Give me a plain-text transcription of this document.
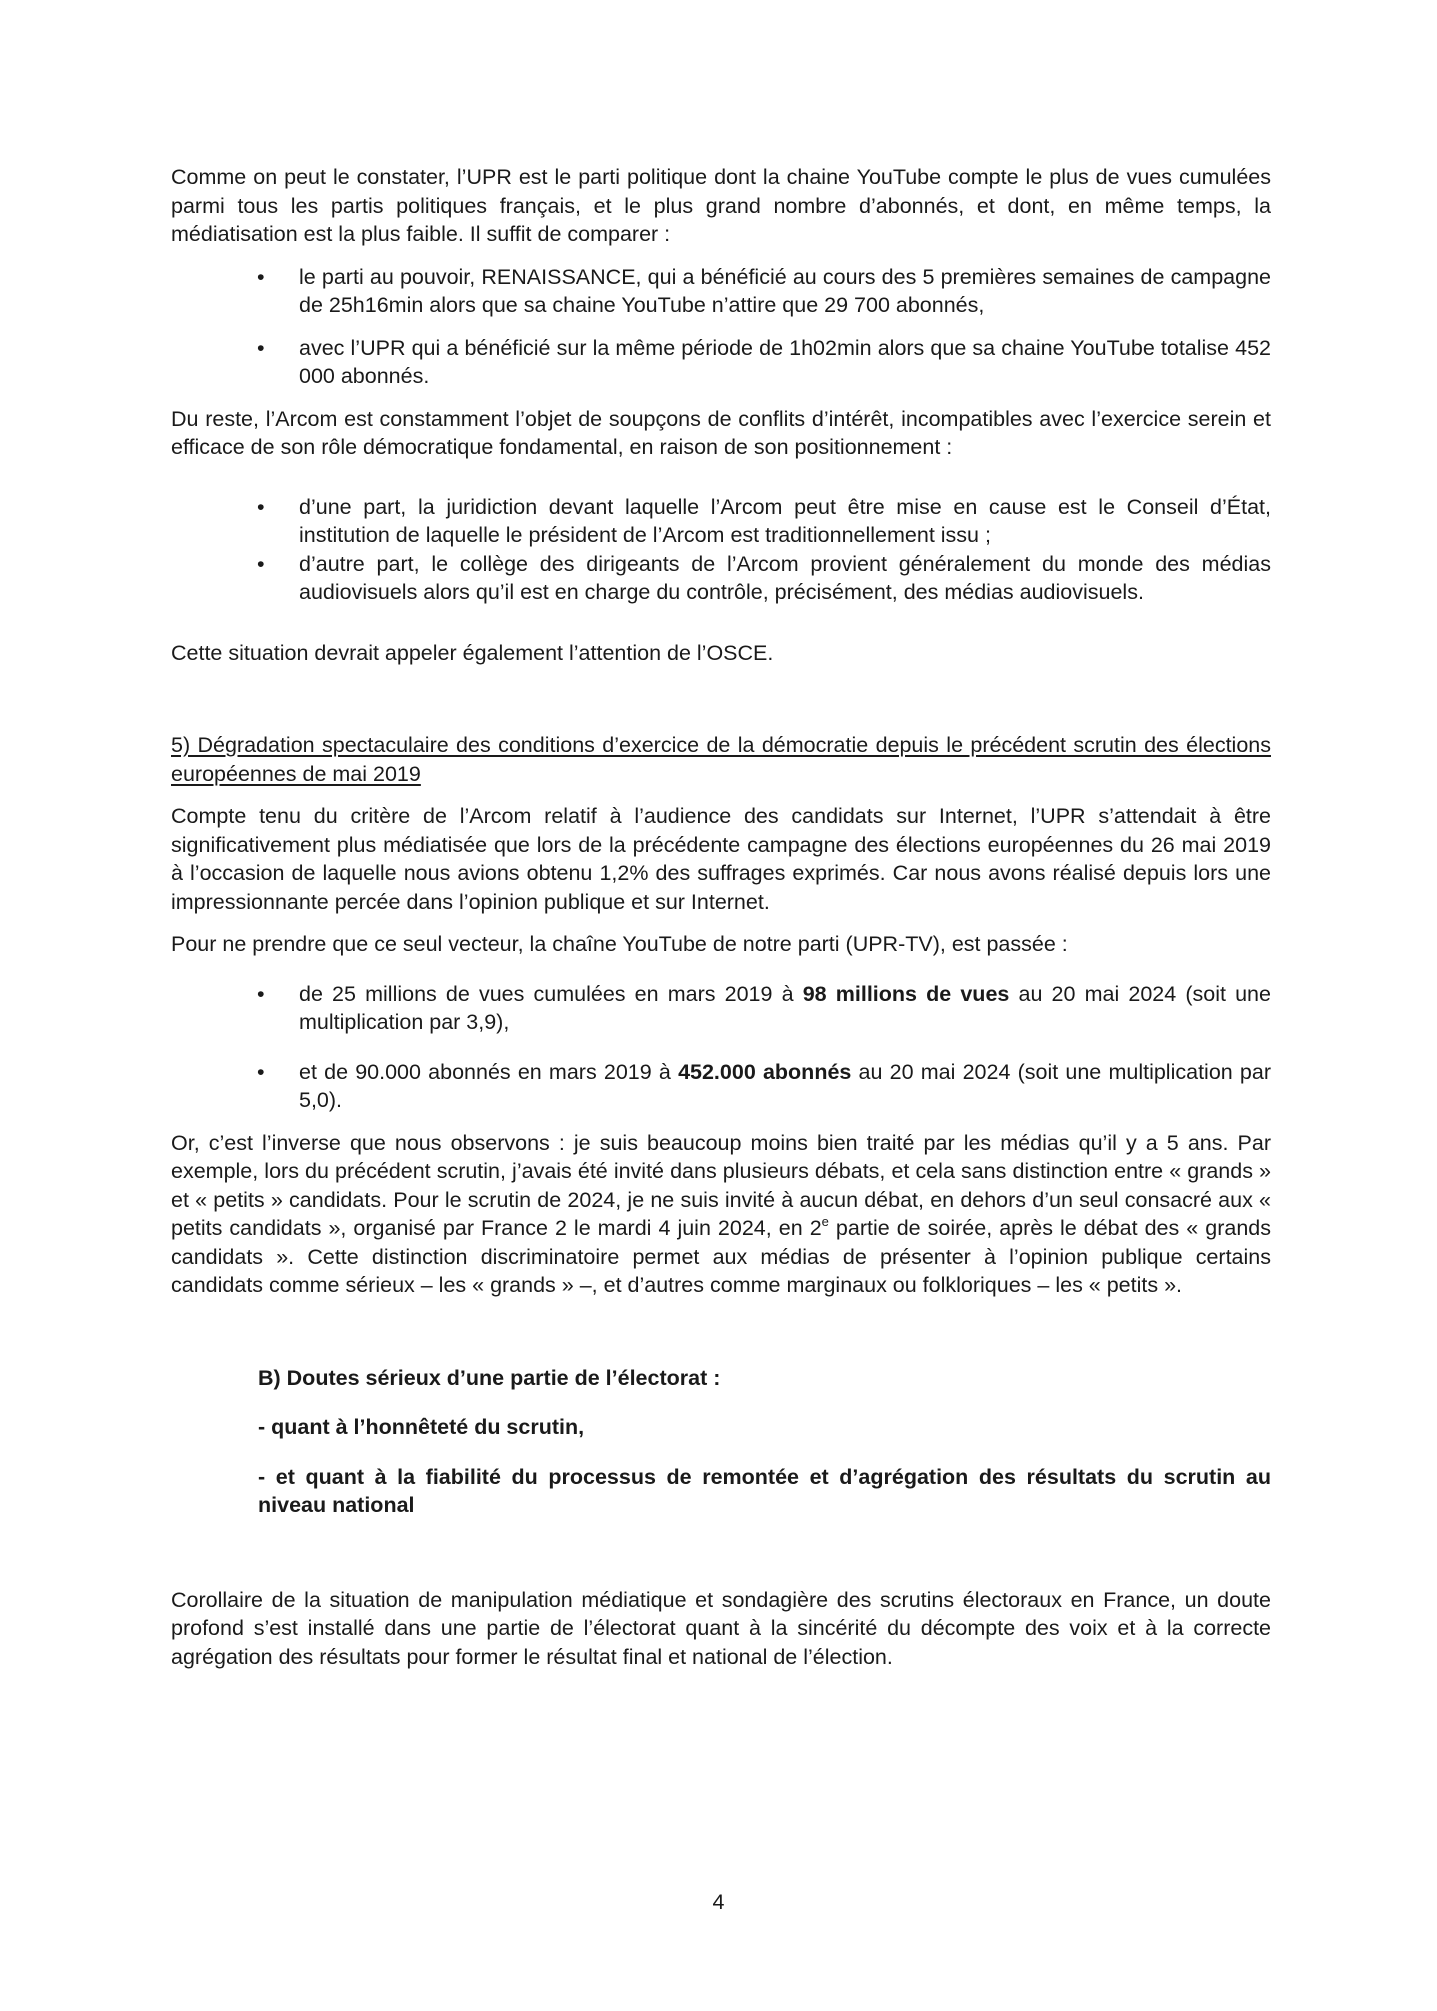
Comme on peut le constater, l’UPR est le parti politique dont la chaine YouTube compte le plus de vues cumulées parmi tous les partis politiques français, et le plus grand nombre d’abonnés, et dont, en même temps, la médiatisation est la plus faible. Il suffit de comparer :

• le parti au pouvoir, RENAISSANCE, qui a bénéficié au cours des 5 premières semaines de campagne de 25h16min alors que sa chaine YouTube n’attire que 29 700 abonnés,
• avec l’UPR qui a bénéficié sur la même période de 1h02min alors que sa chaine YouTube totalise 452 000 abonnés.

Du reste, l’Arcom est constamment l’objet de soupçons de conflits d’intérêt, incompatibles avec l’exercice serein et efficace de son rôle démocratique fondamental, en raison de son positionnement :

• d’une part, la juridiction devant laquelle l’Arcom peut être mise en cause est le Conseil d’État, institution de laquelle le président de l’Arcom est traditionnellement issu ;
• d’autre part, le collège des dirigeants de l’Arcom provient généralement du monde des médias audiovisuels alors qu’il est en charge du contrôle, précisément, des médias audiovisuels.

Cette situation devrait appeler également l’attention de l’OSCE.

5) Dégradation spectaculaire des conditions d’exercice de la démocratie depuis le précédent scrutin des élections européennes de mai 2019

Compte tenu du critère de l’Arcom relatif à l’audience des candidats sur Internet, l’UPR s’attendait à être significativement plus médiatisée que lors de la précédente campagne des élections européennes du 26 mai 2019 à l’occasion de laquelle nous avions obtenu 1,2% des suffrages exprimés. Car nous avons réalisé depuis lors une impressionnante percée dans l’opinion publique et sur Internet.

Pour ne prendre que ce seul vecteur, la chaîne YouTube de notre parti (UPR-TV), est passée :

• de 25 millions de vues cumulées en mars 2019 à 98 millions de vues au 20 mai 2024 (soit une multiplication par 3,9),
• et de 90.000 abonnés en mars 2019 à 452.000 abonnés au 20 mai 2024 (soit une multiplication par 5,0).

Or, c’est l’inverse que nous observons : je suis beaucoup moins bien traité par les médias qu’il y a 5 ans. Par exemple, lors du précédent scrutin, j’avais été invité dans plusieurs débats, et cela sans distinction entre « grands » et « petits » candidats. Pour le scrutin de 2024, je ne suis invité à aucun débat, en dehors d’un seul consacré aux « petits candidats », organisé par France 2 le mardi 4 juin 2024, en 2e partie de soirée, après le débat des « grands candidats ». Cette distinction discriminatoire permet aux médias de présenter à l’opinion publique certains candidats comme sérieux – les « grands » –, et d’autres comme marginaux ou folkloriques – les « petits ».

B) Doutes sérieux d’une partie de l’électorat :

- quant à l’honnêteté du scrutin,

- et quant à la fiabilité du processus de remontée et d’agrégation des résultats du scrutin au niveau national

Corollaire de la situation de manipulation médiatique et sondagière des scrutins électoraux en France, un doute profond s’est installé dans une partie de l’électorat quant à la sincérité du décompte des voix et à la correcte agrégation des résultats pour former le résultat final et national de l’élection.

4
